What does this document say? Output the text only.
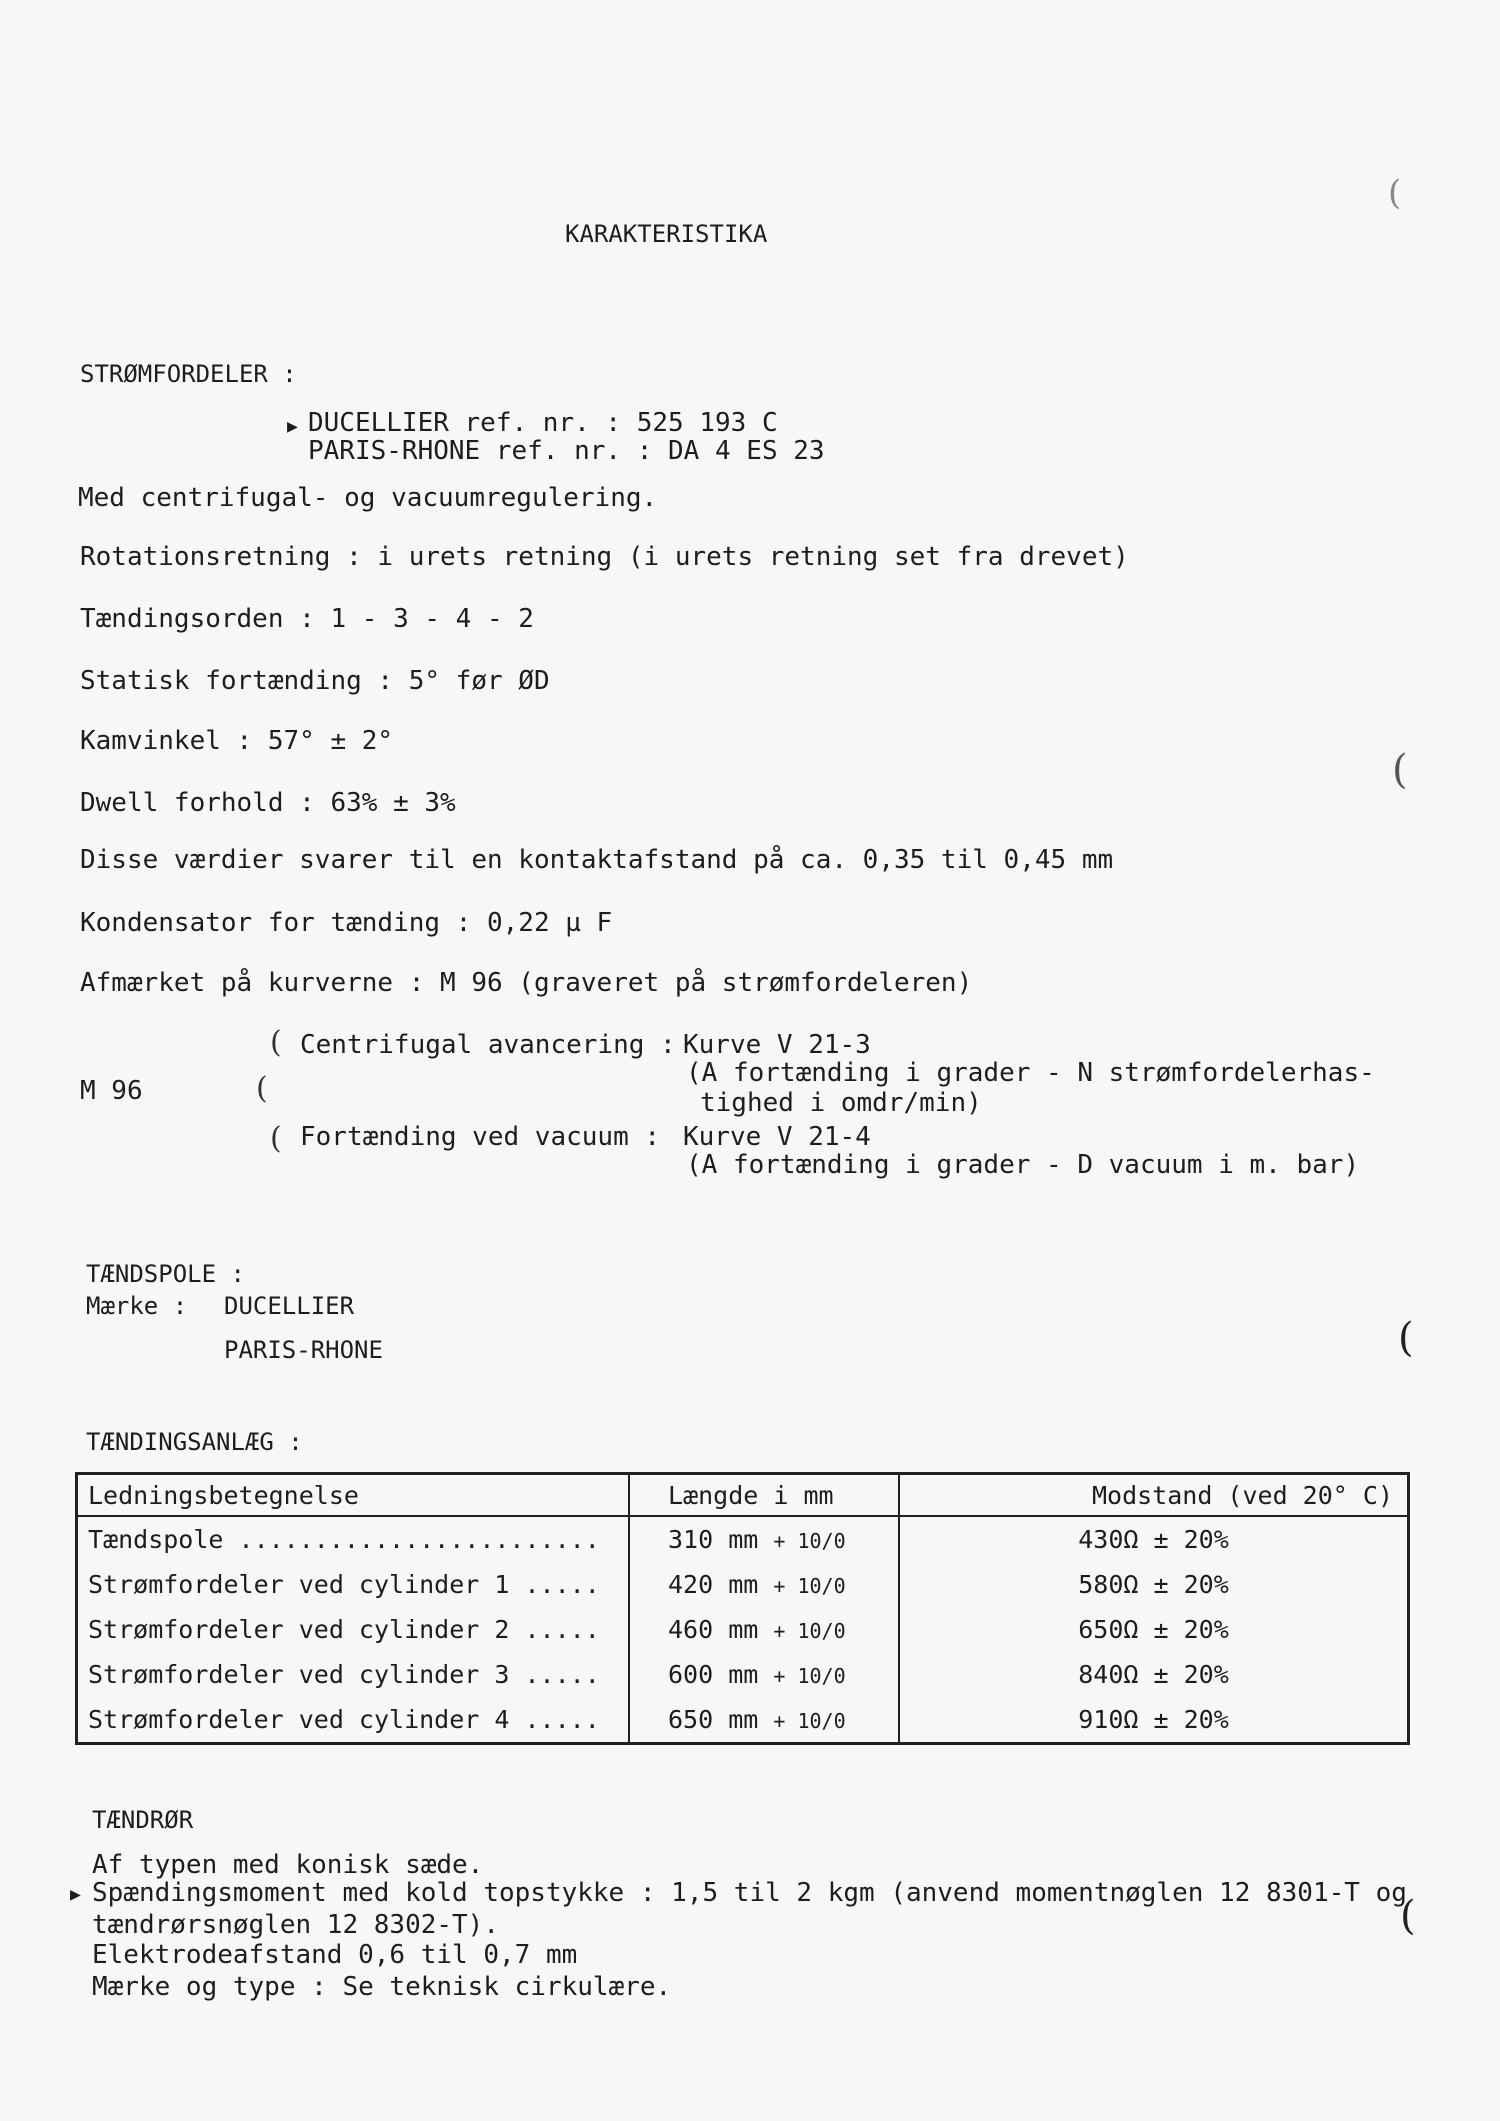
KARAKTERISTIKA
STRØMFORDELER :
▶ DUCELLIER ref. nr. : 525 193 C
PARIS-RHONE ref. nr. : DA 4 ES 23
Med centrifugal- og vacuumregulering.
Rotationsretning : i urets retning (i urets retning set fra drevet)
Tændingsorden : 1 - 3 - 4 - 2
Statisk fortænding : 5° før ØD
Kamvinkel : 57° ± 2°
Dwell forhold : 63% ± 3%
Disse værdier svarer til en kontaktafstand på ca. 0,35 til 0,45 mm
Kondensator for tænding : 0,22 µ F
Afmærket på kurverne : M 96 (graveret på strømfordeleren)
M 96	(
(
(
Centrifugal avancering : Kurve V 21-3
(A fortænding i grader - N strømfordelerhas-
tighed i omdr/min)
Fortænding ved vacuum : Kurve V 21-4
(A fortænding i grader - D vacuum i m. bar)
TÆNDSPOLE :
Mærke : DUCELLIER
PARIS-RHONE
TÆNDINGSANLÆG :
Ledningsbetegnelse	Længde i mm	Modstand (ved 20° C)
Tændspole ........................	310 mm + 10/0	430Ω ± 20%
Strømfordeler ved cylinder 1 .....	420 mm + 10/0	580Ω ± 20%
Strømfordeler ved cylinder 2 .....	460 mm + 10/0	650Ω ± 20%
Strømfordeler ved cylinder 3 .....	600 mm + 10/0	840Ω ± 20%
Strømfordeler ved cylinder 4 .....	650 mm + 10/0	910Ω ± 20%
TÆNDRØR
Af typen med konisk sæde.
▶ Spændingsmoment med kold topstykke : 1,5 til 2 kgm (anvend momentnøglen 12 8301-T og
tændrørsnøglen 12 8302-T).
Elektrodeafstand 0,6 til 0,7 mm
Mærke og type : Se teknisk cirkulære.
(
(
(
(
